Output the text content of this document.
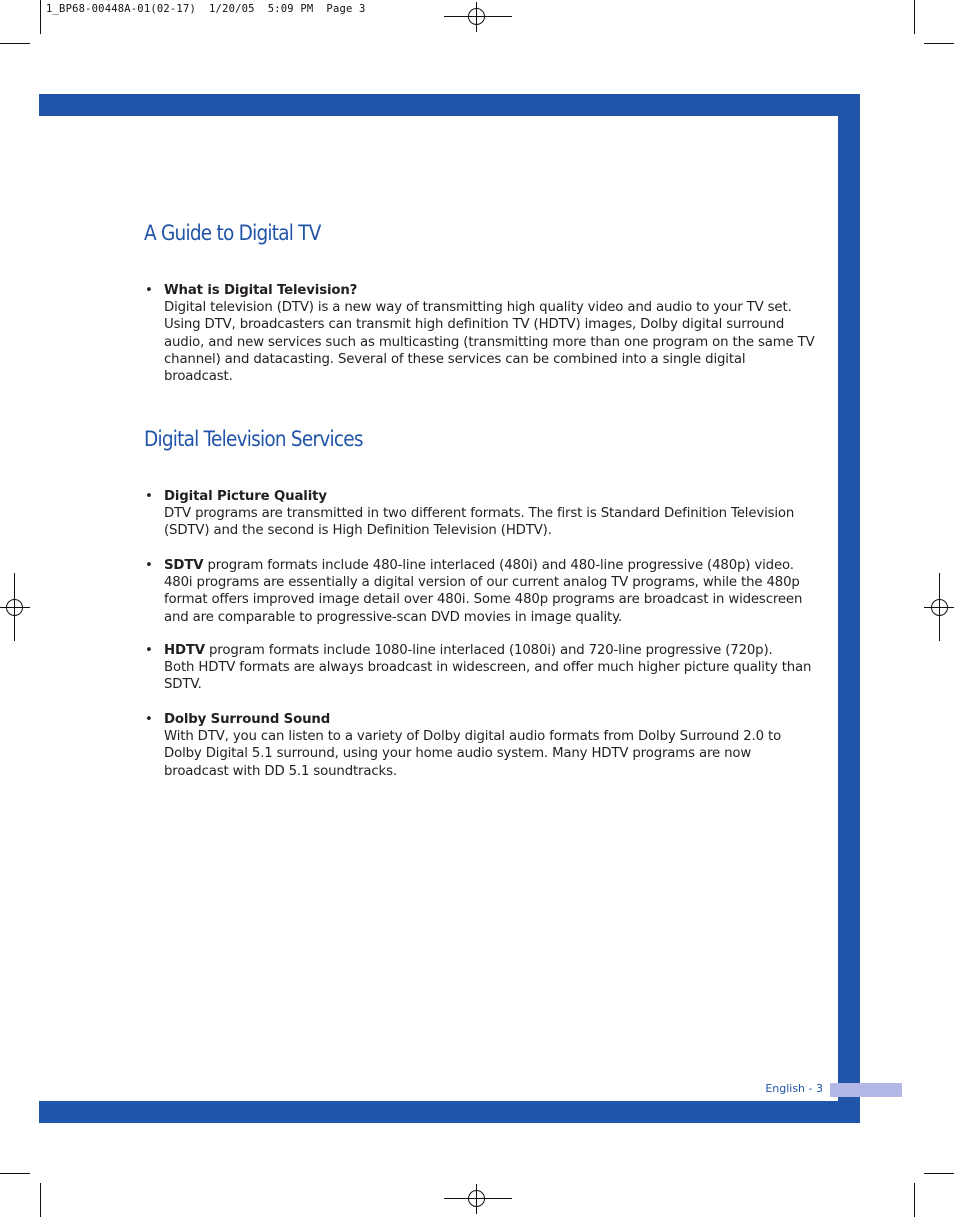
1_BP68-00448A-01(02-17)  1/20/05  5:09 PM  Page 3
English - 3
A Guide to Digital TV
• What is Digital Television?
Digital television (DTV) is a new way of transmitting high quality video and audio to your TV set.
Using DTV, broadcasters can transmit high definition TV (HDTV) images, Dolby digital surround
audio, and new services such as multicasting (transmitting more than one program on the same TV
channel) and datacasting. Several of these services can be combined into a single digital
broadcast.
Digital Television Services
• Digital Picture Quality
DTV programs are transmitted in two different formats. The first is Standard Definition Television
(SDTV) and the second is High Definition Television (HDTV).
• SDTV program formats include 480-line interlaced (480i) and 480-line progressive (480p) video.
480i programs are essentially a digital version of our current analog TV programs, while the 480p
format offers improved image detail over 480i. Some 480p programs are broadcast in widescreen
and are comparable to progressive-scan DVD movies in image quality.
• HDTV program formats include 1080-line interlaced (1080i) and 720-line progressive (720p).
Both HDTV formats are always broadcast in widescreen, and offer much higher picture quality than
SDTV.
• Dolby Surround Sound
With DTV, you can listen to a variety of Dolby digital audio formats from Dolby Surround 2.0 to
Dolby Digital 5.1 surround, using your home audio system. Many HDTV programs are now
broadcast with DD 5.1 soundtracks.
